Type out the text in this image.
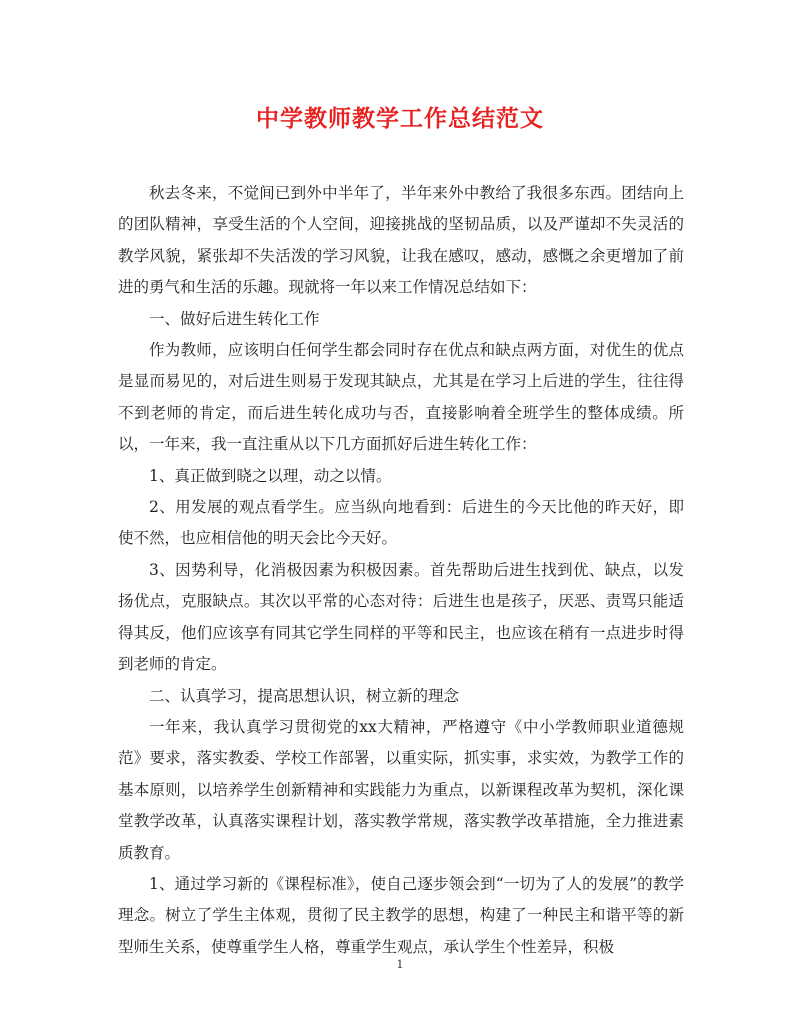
中学教师教学工作总结范文

秋去冬来，不觉间已到外中半年了，半年来外中教给了我很多东西。团结向上的团队精神，享受生活的个人空间，迎接挑战的坚韧品质，以及严谨却不失灵活的教学风貌，紧张却不失活泼的学习风貌，让我在感叹，感动，感慨之余更增加了前进的勇气和生活的乐趣。现就将一年以来工作情况总结如下：

一、做好后进生转化工作

作为教师，应该明白任何学生都会同时存在优点和缺点两方面，对优生的优点是显而易见的，对后进生则易于发现其缺点，尤其是在学习上后进的学生，往往得不到老师的肯定，而后进生转化成功与否，直接影响着全班学生的整体成绩。所以，一年来，我一直注重从以下几方面抓好后进生转化工作：

1、真正做到晓之以理，动之以情。

2、用发展的观点看学生。应当纵向地看到：后进生的今天比他的昨天好，即使不然，也应相信他的明天会比今天好。

3、因势利导，化消极因素为积极因素。首先帮助后进生找到优、缺点，以发扬优点，克服缺点。其次以平常的心态对待：后进生也是孩子，厌恶、责骂只能适得其反，他们应该享有同其它学生同样的平等和民主，也应该在稍有一点进步时得到老师的肯定。

二、认真学习，提高思想认识，树立新的理念

一年来，我认真学习贯彻党的xx大精神，严格遵守《中小学教师职业道德规范》要求，落实教委、学校工作部署，以重实际，抓实事，求实效，为教学工作的基本原则，以培养学生创新精神和实践能力为重点，以新课程改革为契机，深化课堂教学改革，认真落实课程计划，落实教学常规，落实教学改革措施，全力推进素质教育。

1、通过学习新的《课程标准》，使自己逐步领会到“一切为了人的发展”的教学理念。树立了学生主体观，贯彻了民主教学的思想，构建了一种民主和谐平等的新型师生关系，使尊重学生人格，尊重学生观点，承认学生个性差异，积极

1
